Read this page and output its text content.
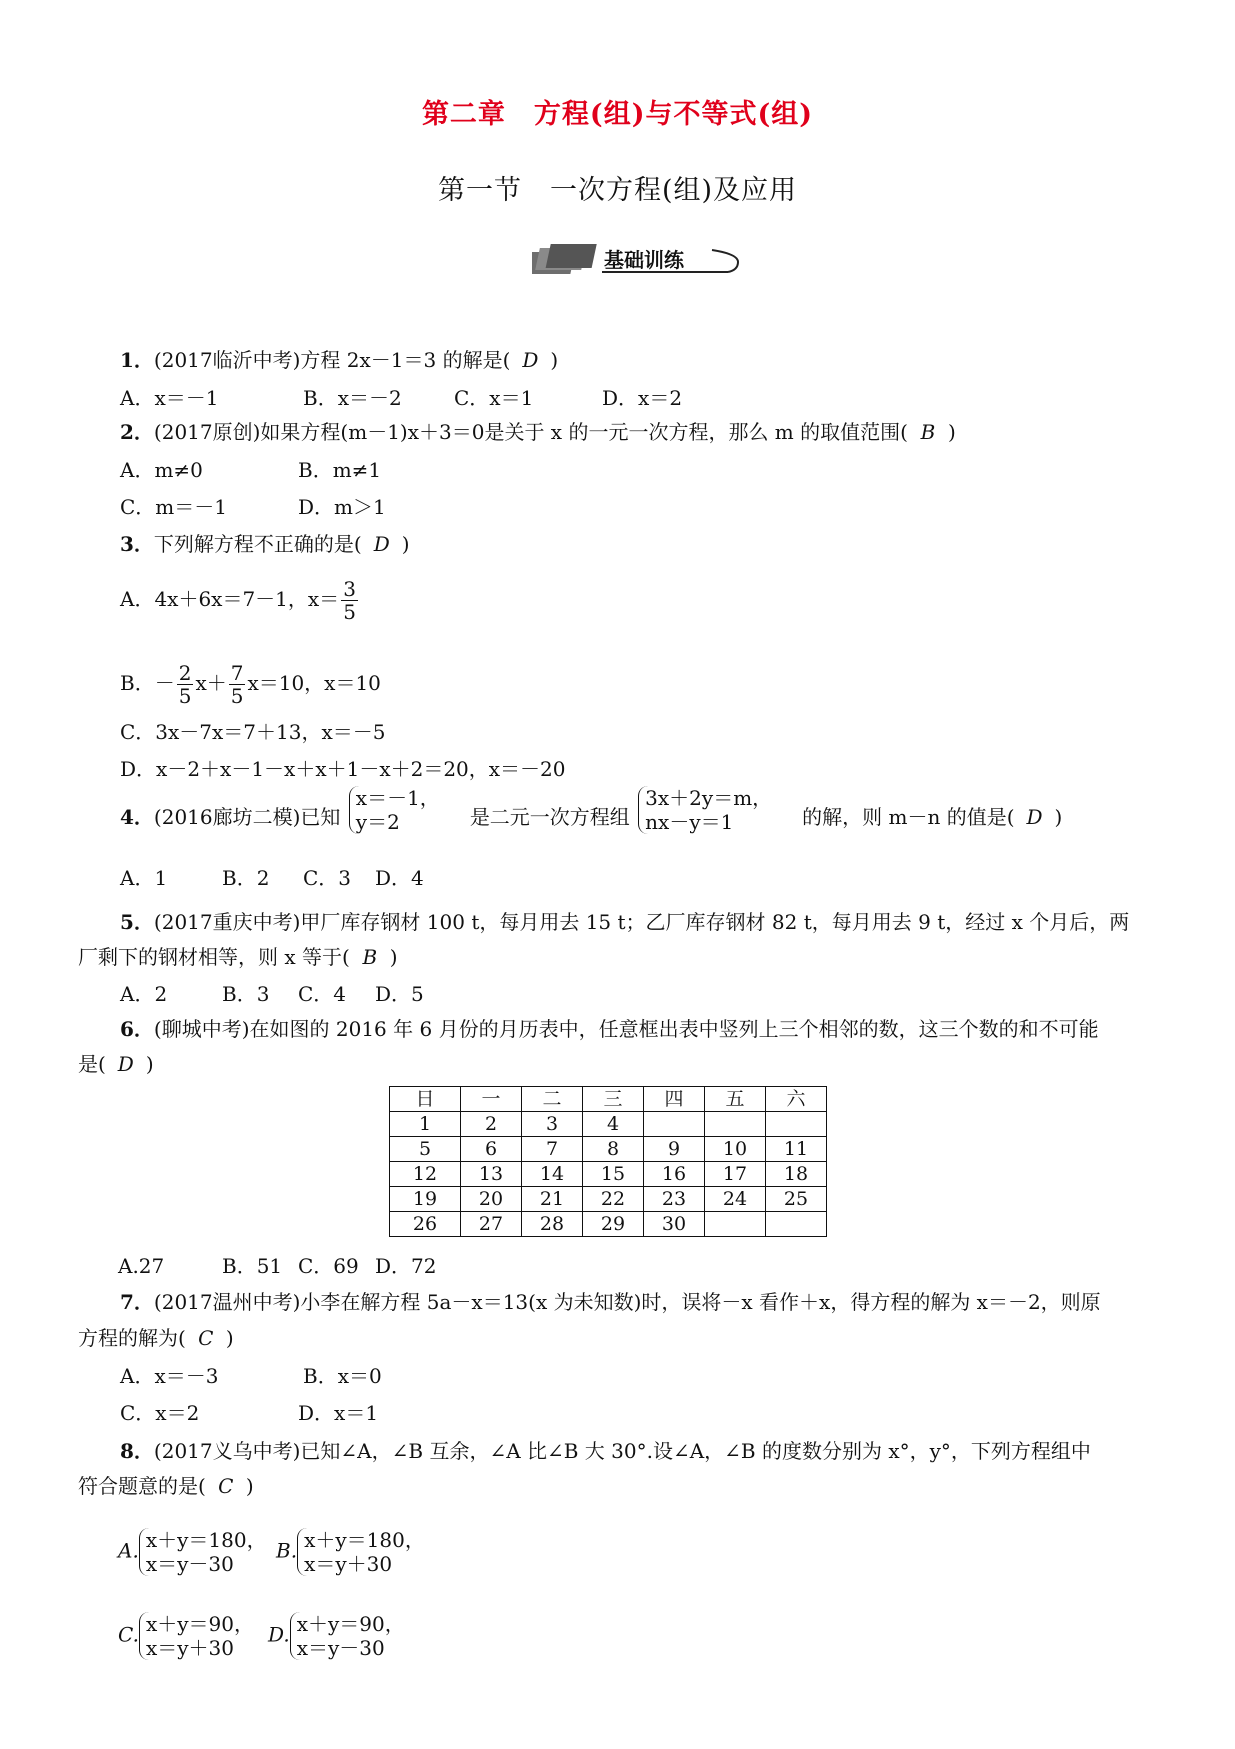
第二章　方程(组)与不等式(组)
第一节　一次方程(组)及应用
基础训练
1．(2017临沂中考)方程 2x－1＝3 的解是( D )
A．x＝－1	B．x＝－2	C．x＝1	D．x＝2
2．(2017原创)如果方程(m－1)x＋3＝0是关于 x 的一元一次方程，那么 m 的取值范围( B )
A．m≠0	B．m≠1
C．m＝－1	D．m＞1
3．下列解方程不正确的是( D )
A．4x＋6x＝7－1，$x= \frac{3}{5}$
B．－ $\frac{2}{5} x+ \frac{7}{5} x=10$，x＝10
C．3x－7x＝7＋13，x＝－5
D．x－2＋x－1－x＋x＋1－x＋2＝20，x＝－20
4．(2016廊坊二模)已知
x＝－1，
y＝2	是二元一次方程组
3x＋2y＝m，
nx－y＝1	的解，则 m－n 的值是( D )
A．1	B．2 C．3 D．4
5．(2017重庆中考)甲厂库存钢材 100 t，每月用去 15 t；乙厂库存钢材 82 t，每月用去 9 t，经过 x 个月后，两
厂剩下的钢材相等，则 x 等于( B )
A．2	B．3 C．4 D．5
6．(聊城中考)在如图的 2016 年 6 月份的月历表中，任意框出表中竖列上三个相邻的数，这三个数的和不可能
是( D )
日	一	二	三	四	五	六
1	2	3	4			
5	6	7	8	9	10	11
12	13	14	15	16	17	18
19	20	21	22	23	24	25
26	27	28	29	30		
A.27	B．51 C．69 D．72
7．(2017温州中考)小李在解方程 5a－x＝13(x 为未知数)时，误将－x 看作＋x，得方程的解为 x＝－2，则原
方程的解为( C )
A．x＝－3	B．x＝0
C．x＝2	D．x＝1
8．(2017义乌中考)已知∠A，∠B 互余，∠A 比∠B 大 30°.设∠A，∠B 的度数分别为 x°，y°，下列方程组中
符合题意的是( C )
A. x＋y＝180，
x＝y－30
B. x＋y＝180，
x＝y＋30
C. x＋y＝90，
x＝y＋30
D. x＋y＝90，
x＝y－30
